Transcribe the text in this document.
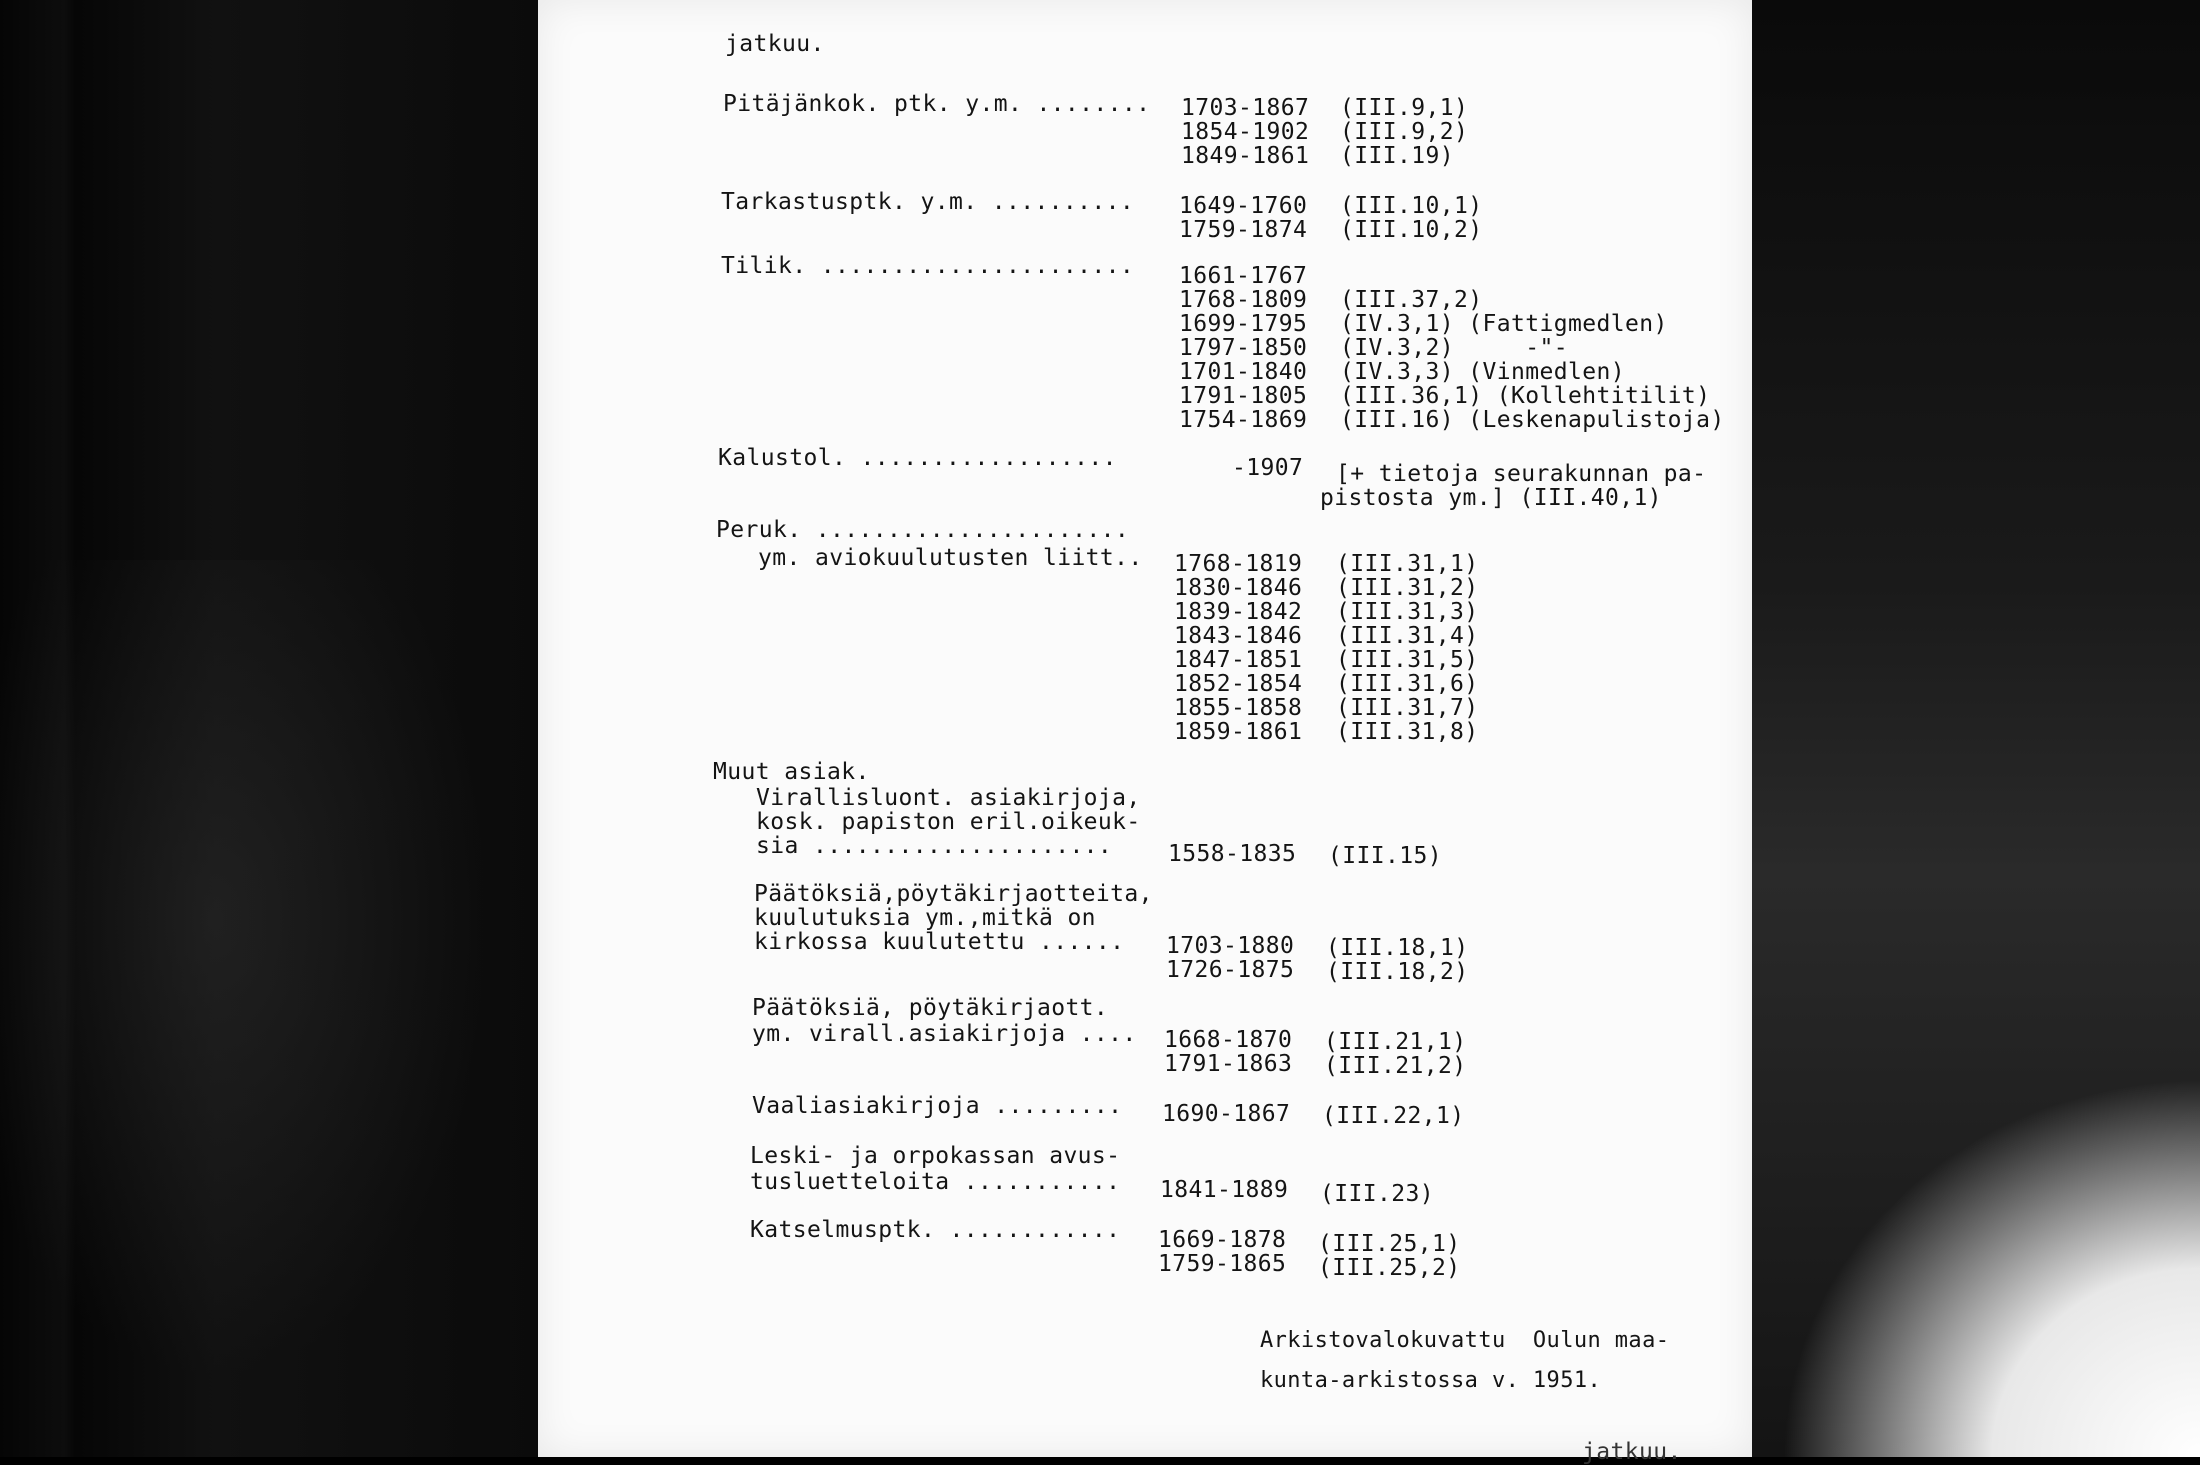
jatkuu.
Pitäjänkok. ptk. y.m. ........ 1703-1867 (III.9,1)
1854-1902 (III.9,2)
1849-1861 (III.19)
Tarkastusptk. y.m. .......... 1649-1760 (III.10,1)
1759-1874 (III.10,2)
Tilik. ...................... 1661-1767
1768-1809 (III.37,2)
1699-1795 (IV.3,1) (Fattigmedlen)
1797-1850 (IV.3,2)     -"-
1701-1840 (IV.3,3) (Vinmedlen)
1791-1805 (III.36,1) (Kollehtitilit)
1754-1869 (III.16) (Leskenapulistoja)
Kalustol. ..................	-1907 [+ tietoja seurakunnan pa-
pistosta ym.] (III.40,1)
Peruk. ......................
ym. aviokuulutusten liitt.. 1768-1819 (III.31,1)
1830-1846 (III.31,2)
1839-1842 (III.31,3)
1843-1846 (III.31,4)
1847-1851 (III.31,5)
1852-1854 (III.31,6)
1855-1858 (III.31,7)
1859-1861 (III.31,8)
Muut asiak.
Virallisluont. asiakirjoja,
kosk. papiston eril.oikeuk-
sia ..................... 1558-1835 (III.15)
Päätöksiä,pöytäkirjaotteita,
kuulutuksia ym.,mitkä on
kirkossa kuulutettu ...... 1703-1880 (III.18,1)
1726-1875 (III.18,2)
Päätöksiä, pöytäkirjaott.
ym. virall.asiakirjoja .... 1668-1870 (III.21,1)
1791-1863 (III.21,2)
Vaaliasiakirjoja ......... 1690-1867 (III.22,1)
Leski- ja orpokassan avus-
tusluetteloita ........... 1841-1889 (III.23)
Katselmusptk. ............ 1669-1878 (III.25,1)
1759-1865 (III.25,2)
Arkistovalokuvattu  Oulun maa-
kunta-arkistossa v. 1951.
jatkuu.
